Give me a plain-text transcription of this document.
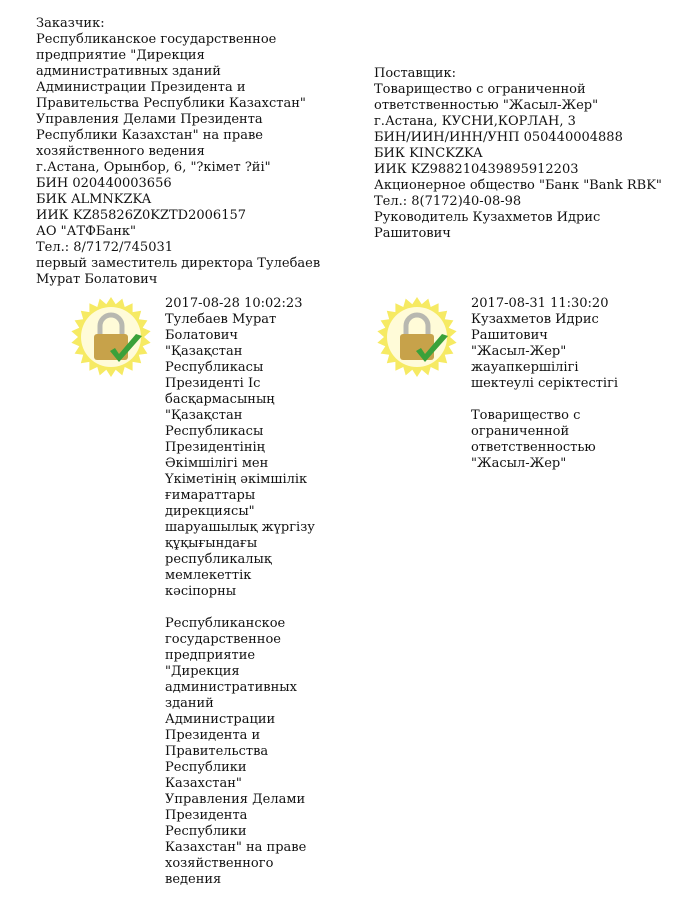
Заказчик:
Республиканское государственное
предприятие "Дирекция
административных зданий
Администрации Президента и
Правительства Республики Казахстан"
Управления Делами Президента
Республики Казахстан" на праве
хозяйственного ведения
г.Астана, Орынбор, 6, "?кімет ?йі"
БИН 020440003656
БИК ALMNKZKA
ИИК KZ85826Z0KZTD2006157
АО "АТФБанк"
Тел.: 8/7172/745031
первый заместитель директора Тулебаев
Мурат Болатович
Поставщик:
Товарищество с ограниченной
ответственностью "Жасыл-Жер"
г.Астана, КУСНИ,КОРЛАН, 3
БИН/ИИН/ИНН/УНП 050440004888
БИК KINCKZKA
ИИК KZ988210439895912203
Акционерное общество "Банк "Bank RBK"
Тел.: 8(7172)40-08-98
Руководитель Кузахметов Идрис
Рашитович
2017-08-28 10:02:23
Тулебаев Мурат
Болатович
"Қазақстан
Республикасы
Президенті Іс
басқармасының
"Қазақстан
Республикасы
Президентінің
Әкімшілігі мен
Үкіметінің әкімшілік
ғимараттары
дирекциясы"
шаруашылық жүргізу
құқығындағы
республикалық
мемлекеттік
кәсіпорны
Республиканское
государственное
предприятие
"Дирекция
административных
зданий
Администрации
Президента и
Правительства
Республики
Казахстан"
Управления Делами
Президента
Республики
Казахстан" на праве
хозяйственного
ведения
2017-08-31 11:30:20
Кузахметов Идрис
Рашитович
"Жасыл-Жер"
жауапкершілігі
шектеулі серіктестігі
Товарищество с
ограниченной
ответственностью
"Жасыл-Жер"
